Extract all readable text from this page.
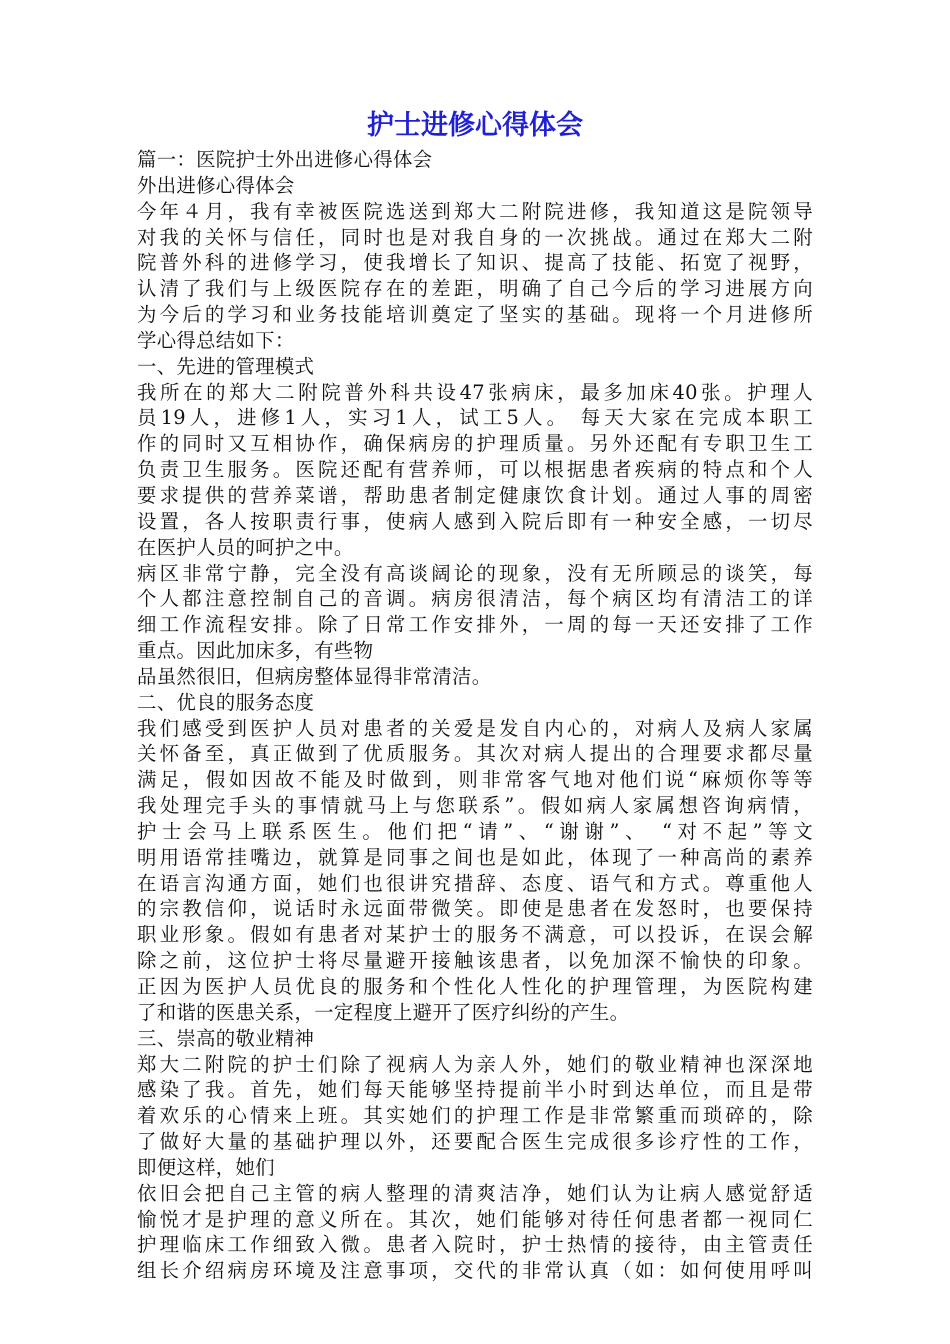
护士进修心得体会
篇一：医院护士外出进修心得体会
外出进修心得体会
今年４月，我有幸被医院选送到郑大二附院进修，我知道这是院领导
对我的关怀与信任，同时也是对我自身的一次挑战。通过在郑大二附
院普外科的进修学习，使我增长了知识、提高了技能、拓宽了视野，
认清了我们与上级医院存在的差距，明确了自己今后的学习进展方向
为今后的学习和业务技能培训奠定了坚实的基础。现将一个月进修所
学心得总结如下：
一、先进的管理模式
我所在的郑大二附院普外科共设47张病床，最多加床40张。护理人
员19人，进修1人，实习1人，试工5人。 每天大家在完成本职工
作的同时又互相协作，确保病房的护理质量。另外还配有专职卫生工
负责卫生服务。医院还配有营养师，可以根据患者疾病的特点和个人
要求提供的营养菜谱，帮助患者制定健康饮食计划。通过人事的周密
设置，各人按职责行事，使病人感到入院后即有一种安全感，一切尽
在医护人员的呵护之中。
病区非常宁静，完全没有高谈阔论的现象，没有无所顾忌的谈笑，每
个人都注意控制自己的音调。病房很清洁，每个病区均有清洁工的详
细工作流程安排。除了日常工作安排外，一周的每一天还安排了工作
重点。因此加床多，有些物
品虽然很旧，但病房整体显得非常清洁。
二、优良的服务态度
我们感受到医护人员对患者的关爱是发自内心的，对病人及病人家属
关怀备至，真正做到了优质服务。其次对病人提出的合理要求都尽量
满足，假如因故不能及时做到，则非常客气地对他们说“麻烦你等等
我处理完手头的事情就马上与您联系”。假如病人家属想咨询病情，
护士会马上联系医生。他们把“请”、“谢谢”、 “对不起”等文
明用语常挂嘴边，就算是同事之间也是如此，体现了一种高尚的素养
在语言沟通方面，她们也很讲究措辞、态度、语气和方式。尊重他人
的宗教信仰，说话时永远面带微笑。即使是患者在发怒时，也要保持
职业形象。假如有患者对某护士的服务不满意，可以投诉，在误会解
除之前，这位护士将尽量避开接触该患者，以免加深不愉快的印象。
正因为医护人员优良的服务和个性化人性化的护理管理，为医院构建
了和谐的医患关系，一定程度上避开了医疗纠纷的产生。
三、崇高的敬业精神
郑大二附院的护士们除了视病人为亲人外，她们的敬业精神也深深地
感染了我。首先，她们每天能够坚持提前半小时到达单位，而且是带
着欢乐的心情来上班。其实她们的护理工作是非常繁重而琐碎的，除
了做好大量的基础护理以外，还要配合医生完成很多诊疗性的工作，
即便这样，她们
依旧会把自己主管的病人整理的清爽洁净，她们认为让病人感觉舒适
愉悦才是护理的意义所在。其次，她们能够对待任何患者都一视同仁
护理临床工作细致入微。患者入院时，护士热情的接待，由主管责任
组长介绍病房环境及注意事项，交代的非常认真（如：如何使用呼叫
